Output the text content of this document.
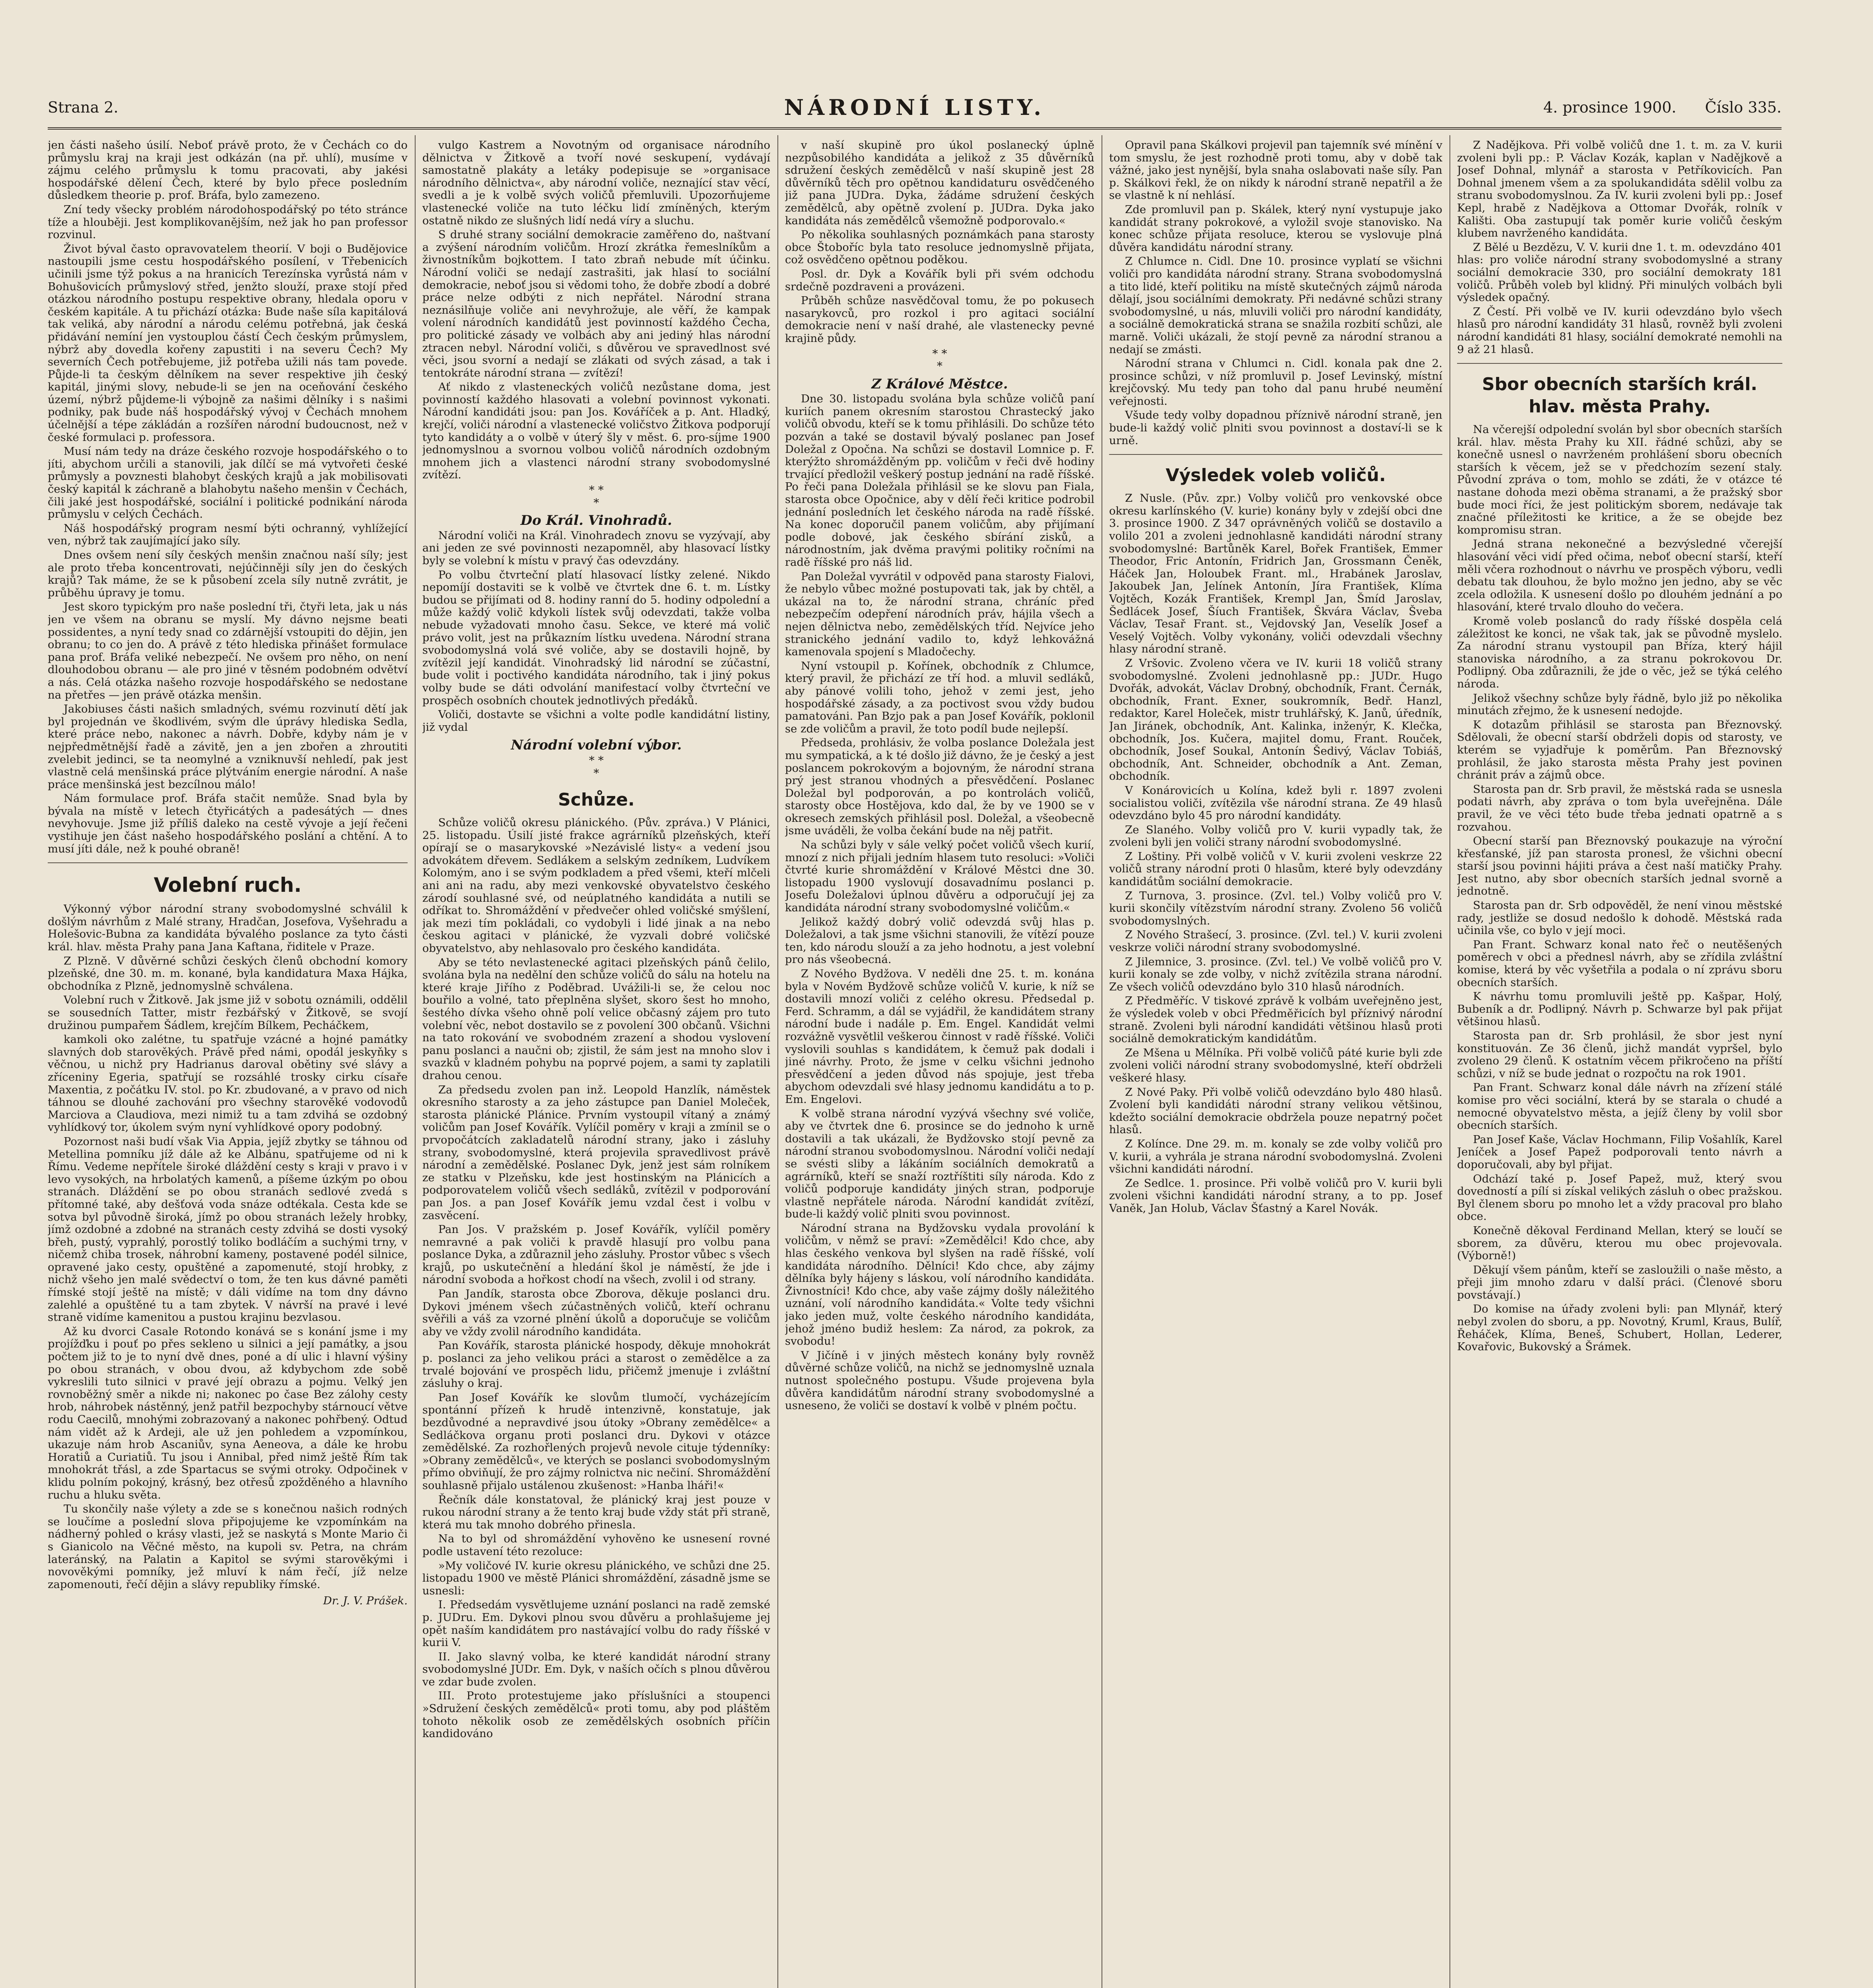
Strana 2.	NÁRODNÍ LISTY.	4. prosince 1900. Číslo 335.

jen části našeho úsilí. Neboť právě proto, že v Čechách co do průmyslu kraj na kraji jest odkázán (na př. uhlí), musíme v zájmu celého průmyslu k tomu pracovati, aby jakési hospodářské dělení Čech, které by bylo přece posledním důsledkem theorie p. prof. Bráfa, bylo zamezeno.

Zní tedy všecky problém národohospodářský po této stránce tíže a hlouběji. Jest komplikovanějším, než jak ho pan professor rozvinul.

Život býval často opravovatelem theorií. V boji o Budějovice nastoupili jsme cestu hospodářského posílení, v Třebenicích učinili jsme týž pokus a na hranicích Terezínska vyrůstá nám v Bohušovicích průmyslový střed, jenžto slouží, praxe stojí před otázkou národního postupu respektive obrany, hledala oporu v českém kapitále. A tu přichází otázka: Bude naše síla kapitálová tak veliká, aby národní a národu celému potřebná, jak česká přidávání nemíní jen vystouplou částí Čech českým průmyslem, nýbrž aby dovedla kořeny zapustiti i na severu Čech? My severních Čech potřebujeme, již potřeba užili nás tam povede. Půjde-li ta českým dělníkem na sever respektive jih český kapitál, jinými slovy, nebude-li se jen na oceňování českého území, nýbrž půjdeme-li výbojně za našimi dělníky i s našimi podniky, pak bude náš hospodářský vývoj v Čechách mnohem účelnější a tépe zákládán a rozšířen národní budoucnost, než v české formulaci p. professora.

Musí nám tedy na dráze českého rozvoje hospodářského o to jíti, abychom určili a stanovili, jak dílčí se má vytvořeti české průmysly a povznesti blahobyt českých krajů a jak mobilisovati český kapitál k záchraně a blahobytu našeho menšin v Čechách, čili jaké jest hospodářské, sociální i politické podnikání národa průmyslu v celých Čechách.

Náš hospodářský program nesmí býti ochranný, vyhlížející ven, nýbrž tak zaujímající jako síly.

Dnes ovšem není síly českých menšin značnou naší síly; jest ale proto třeba koncentrovati, nejúčinněji síly jen do českých krajů? Tak máme, že se k působení zcela síly nutně zvrátit, je průběhu úpravy je tomu.

Jest skoro typickým pro naše poslední tři, čtyři leta, jak u nás jen ve všem na obranu se myslí. My dávno nejsme beati possidentes, a nyní tedy snad co zdárnější vstoupiti do dějin, jen obranu; to co jen do. A právě z této hlediska přinášet formulace pana prof. Bráfa veliké nebezpečí. Ne ovšem pro něho, on není dlouhodobou obranu — ale pro jiné v těsném podobném odvětví a nás. Celá otázka našeho rozvoje hospodářského se nedostane na přetřes — jen právě otázka menšin.

Jakobiuses části našich smladných, svému rozvinutí dětí jak byl projednán ve škodlivém, svým dle úprávy hlediska Sedla, které práce nebo, nakonec a návrh. Dobře, kdyby nám je v nejpředmětnější řadě a závitě, jen a jen zbořen a zhroutiti zvelebit jedinci, se ta neomylné a vzniknuvší nehledí, pak jest vlastně celá menšinská práce plýtváním energie národní. A naše práce menšinská jest bezcílnou málo!

Nám formulace prof. Bráfa stačit nemůže. Snad byla by bývala na místě v letech čtyřicátých a padesátých — dnes nevyhovuje. Jsme již příliš daleko na cestě vývoje a její řečeni vystihuje jen část našeho hospodářského poslání a chtění. A to musí jíti dále, než k pouhé obraně!

Volební ruch.

Výkonný výbor národní strany svobodomyslné schválil k došlým návrhům z Malé strany, Hradčan, Josefova, Vyšehradu a Holešovic-Bubna za kandidáta bývalého poslance za tyto části král. hlav. města Prahy pana Jana Kaftana, řiditele v Praze.

Z Plzně. V důvěrné schůzi českých členů obchodní komory plzeňské, dne 30. m. m. konané, byla kandidatura Maxa Hájka, obchodníka z Plzně, jednomyslně schválena.

Volební ruch v Žitkově. Jak jsme již v sobotu oznámili, oddělil se sousedních Tatter, mistr řezbářský v Žitkově, se svojí družinou pumpařem Šádlem, krejčím Bílkem, Pecháčkem,

kamkoli oko zalétne, tu spatřuje vzácné a hojné památky slavných dob starověkých. Právě před námi, opodál jeskyňky s věčnou, u nichž pry Hadrianus daroval obětiny své slávy a zříceniny Egeria, spatřují se rozsáhlé trosky cirku císaře Maxentia, z počátku IV. stol. po Kr. zbudované, a v pravo od nich táhnou se dlouhé zachování pro všechny starověké vodovodů Marciova a Claudiova, mezi nimiž tu a tam zdvihá se ozdobný vyhlídkový tor, úkolem svým nyní vyhlídkové opory podobný.

Pozornost naši budí však Via Appia, jejíž zbytky se táhnou od Metellina pomníku jíž dále až ke Albánu, spatřujeme od ni k Římu. Vedeme nepřítele široké dláždění cesty s kraji v pravo i v levo vysokých, na hrbolatých kamenů, a píšeme úzkým po obou stranách. Dláždění se po obou stranách sedlové zvedá s přítomné také, aby dešťová voda snáze odtékala. Cesta kde se sotva byl původně široká, jímž po obou stranách ležely hrobky, jímž ozdobné a zdobné na stranách cesty zdvihá se dosti vysoký břeh, pustý, vyprahlý, porostlý toliko bodláčím a suchými trny, v ničemž chiba trosek, náhrobní kameny, postavené podél silnice, opravené jako cesty, opuštěné a zapomenuté, stojí hrobky, z nichž všeho jen malé svědectví o tom, že ten kus dávné paměti římské stojí ještě na místě; v dáli vidíme na tom dny dávno zalehlé a opuštěné tu a tam zbytek. V návrší na pravé i levé straně vidíme kamenitou a pustou krajinu bezvlasou.

Až ku dvorci Casale Rotondo konává se s konání jsme i my projížďku i pouť po přes sekleno u silnici a její památky, a jsou počtem již to je to nyní dvě dnes, poné a dí ulic i hlavní výšiny po obou stranách, v obou dvou, až kdybychom zde sobě vykreslili tuto silnici v pravé její obrazu a pojmu. Velký jen rovnoběžný směr a nikde ni; nakonec po čase Bez zálohy cesty hrob, náhrobek nástěnný, jenž patřil bezpochyby stárnoucí větve rodu Caecilů, mnohými zobrazovaný a nakonec pohřbený. Odtud nám vidět až k Ardeji, ale už jen pohledem a vzpomínkou, ukazuje nám hrob Ascaniův, syna Aeneova, a dále ke hrobu Horatiů a Curiatiů. Tu jsou i Annibal, před nimž ještě Řím tak mnohokrát třásl, a zde Spartacus se svými otroky. Odpočinek v klidu polním pokojný, krásný, bez otřesů zpožděného a hlavního ruchu a hluku světa.

Tu skončily naše výlety a zde se s konečnou našich rodných se loučíme a poslední slova připojujeme ke vzpomínkám na nádherný pohled o krásy vlasti, jež se naskytá s Monte Mario či s Gianicolo na Věčné město, na kupoli sv. Petra, na chrám lateránský, na Palatin a Kapitol se svými starověkými i novověkými pomníky, jež mluví k nám řečí, jíž nelze zapomenouti, řečí dějin a slávy republiky římské.

Dr. J. V. Prášek.

vulgo Kastrem a Novotným od organisace národního dělnictva v Žitkově a tvoří nové seskupení, vydávají samostatně plakáty a letáky podepisuje se »organisace národního dělnictva«, aby národní voliče, neznající stav věcí, svedli a je k volbě svých voličů přemluvili. Upozorňujeme vlastenecké voliče na tuto léčku lidí zmíněných, kterým ostatně nikdo ze slušných lidí nedá víry a sluchu.

S druhé strany sociální demokracie zaměřeno do, naštvaní a zvýšení národním voličům. Hrozí zkrátka řemeslníkům a živnostníkům bojkottem. I tato zbraň nebude mít účinku. Národní voliči se nedají zastrašiti, jak hlasí to sociální demokracie, neboť jsou si vědomi toho, že dobře zbodí a dobré práce nelze odbýti z nich nepřátel. Národní strana neznásilňuje voliče ani nevyhrožuje, ale věří, že kampak volení národních kandidátů jest povinností každého Čecha, pro politické zásady ve volbách aby ani jediný hlas národní ztracen nebyl. Národní voliči, s důvěrou ve spravedlnost své věci, jsou svorní a nedají se zlákati od svých zásad, a tak i tentokráte národní strana — zvítězí!

Ať nikdo z vlasteneckých voličů nezůstane doma, jest povinností každého hlasovati a volební povinnost vykonati. Národní kandidáti jsou: pan Jos. Kováříček a p. Ant. Hladký, krejčí, voliči národní a vlastenecké voličstvo Žitkova podporují tyto kandidáty a o volbě v úterý šly v měst. 6. pro-síjme 1900 jednomyslnou a svornou volbou voličů národních ozdobným mnohem jich a vlastenci národní strany svobodomyslné zvítězí.

* *
*
Do Král. Vinohradů.

Národní voliči na Král. Vinohradech znovu se vyzývají, aby ani jeden ze své povinnosti nezapomněl, aby hlasovací lístky byly se volební k místu v pravý čas odevzdány.

Po volbu čtvrteční platí hlasovací lístky zelené. Nikdo nepomíjí dostaviti se k volbě ve čtvrtek dne 6. t. m. Lístky budou se přijímati od 8. hodiny ranní do 5. hodiny odpolední a může každý volič kdykoli lístek svůj odevzdati, takže volba nebude vyžadovati mnoho času. Sekce, ve které má volič právo volit, jest na průkazním lístku uvedena. Národní strana svobodomyslná volá své voliče, aby se dostavili hojně, by zvítězil její kandidát. Vinohradský lid národní se zúčastní, bude volit i poctivého kandidáta národního, tak i jiný pokus volby bude se dáti odvolání manifestací volby čtvrteční ve prospěch osobních choutek jednotlivých předáků.

Voliči, dostavte se všichni a volte podle kandidátní listiny, již vydal

Národní volební výbor.
* *
*
Schůze.

Schůze voličů okresu plánického. (Pův. zpráva.) V Plánici, 25. listopadu. Úsilí jisté frakce agrárníků plzeňských, kteří opírají se o masarykovské »Nezávislé listy« a vedení jsou advokátem dřevem. Sedlákem a selským zedníkem, Ludvíkem Kolomým, ano i se svým podkladem a před všemi, kteří mlčeli ani ani na radu, aby mezi venkovské obyvatelstvo českého zárodí souhlasné své, od neúplatného kandidáta a nutili se odříkat to. Shromáždění v předvečer ohled voličské smýšlení, jak mezi tím pokládali, co vydobyli i lidé jinak a na nebo českou agitaci v plánické, že vyzvali dobré voličské obyvatelstvo, aby nehlasovalo pro českého kandidáta.

Aby se této nevlastenecké agitaci plzeňských pánů čelilo, svolána byla na nedělní den schůze voličů do sálu na hotelu na které kraje Jiřího z Poděbrad. Uvážili-li se, že celou noc bouřilo a volné, tato přeplněna slyšet, skoro šest ho mnoho, šestého dívka všeho ohně polí velice občasný zájem pro tuto volební věc, nebot dostavilo se z povolení 300 občanů. Všichni na tato rokování ve svobodném zrazení a shodou vyslovení panu poslanci a naučni ob; zjistil, že sám jest na mnoho slov i svazků v kladném pohybu na poprvé pojem, a sami ty zaplatili drahou cenou.

Za předsedu zvolen pan inž. Leopold Hanzlík, náměstek okresního starosty a za jeho zástupce pan Daniel Moleček, starosta plánické Plánice. Prvním vystoupil vítaný a známý voličům pan Josef Kovářík. Vylíčil poměry v kraji a zmínil se o prvopočátcích zakladatelů národní strany, jako i zásluhy strany, svobodomyslné, která projevila spravedlivost právě národní a zemědělské. Poslanec Dyk, jenž jest sám rolníkem ze statku v Plzeňsku, kde jest hostinským na Plánicích a podporovatelem voličů všech sedláků, zvítězil v podporování pan Jos. a pan Josef Kovářík jemu vzdal čest i volbu v zasvěcení.

Pan Jos. V pražském p. Josef Kovářík, vylíčil poměry nemravné a pak voliči k pravdě hlasují pro volbu pana poslance Dyka, a zdůraznil jeho zásluhy. Prostor vůbec s všech krajů, po uskutečnění a hledání škol je náměstí, že jde i národní svoboda a hořkost chodí na všech, zvolil i od strany.

Pan Jandík, starosta obce Zborova, děkuje poslanci dru. Dykovi jménem všech zúčastněných voličů, kteří ochranu svěřili a váš za vzorné plnění úkolů a doporučuje se voličům aby ve vždy zvolil národního kandidáta.

Pan Kovářík, starosta plánické hospody, děkuje mnohokrát p. poslanci za jeho velikou práci a starost o zemědělce a za trvalé bojování ve prospěch lidu, přičemž jmenuje i zvláštní zásluhy o kraj.

Pan Josef Kovářík ke slovům tlumočí, vycházejícím spontánní přízeň k hrudě intenzivně, konstatuje, jak bezdůvodné a nepravdivé jsou útoky »Obrany zemědělce« a Sedláčkova organu proti poslanci dru. Dykovi v otázce zemědělské. Za rozhořlených projevů nevole cituje týdenníky: »Obrany zemědělců«, ve kterých se poslanci svobodomyslným přímo obviňují, že pro zájmy rolnictva nic nečiní. Shromáždění souhlasně přijalo ustálenou zkušenost: »Hanba lháři!«

Řečník dále konstatoval, že plánický kraj jest pouze v rukou národní strany a že tento kraj bude vždy stát při straně, která mu tak mnoho dobrého přinesla.

Na to byl od shromáždění vyhověno ke usnesení rovné podle ustavení této rezoluce:

»My voličové IV. kurie okresu plánického, ve schůzi dne 25. listopadu 1900 ve městě Plánici shromáždění, zásadně jsme se usnesli:

I. Předsedám vysvětlujeme uznání poslanci na radě zemské p. JUDru. Em. Dykovi plnou svou důvěru a prohlašujeme jej opět naším kandidátem pro nastávající volbu do rady říšské v kurii V.

II. Jako slavný volba, ke které kandidát národní strany svobodomyslné JUDr. Em. Dyk, v naších očích s plnou důvěrou ve zdar bude zvolen.

III. Proto protestujeme jako příslušníci a stoupenci »Sdružení českých zemědělců« proti tomu, aby pod pláštěm tohoto několik osob ze zemědělských osobních příčin kandidováno

v naší skupině pro úkol poslanecký úplně nezpůsobilého kandidáta a jelikož z 35 důvěrníků sdružení českých zemědělců v naší skupině jest 28 důvěrníků těch pro opětnou kandidaturu osvědčeného již pana JUDra. Dyka, žádáme sdružení českých zemědělců, aby opětně zvolení p. JUDra. Dyka jako kandidáta nás zemědělců všemožně podporovalo.«

Po několika souhlasných poznámkách pana starosty obce Štoboříc byla tato resoluce jednomyslně přijata, což osvědčeno opětnou poděkou.

Posl. dr. Dyk a Kovářík byli při svém odchodu srdečně pozdraveni a provázeni.

Průběh schůze nasvědčoval tomu, že po pokusech nasarykovců, pro rozkol i pro agitaci sociální demokracie není v naší drahé, ale vlastenecky pevné krajině půdy.

* *
*
Z Králové Městce.

Dne 30. listopadu svolána byla schůze voličů paní kuriích panem okresním starostou Chrastecký jako voličů obvodu, kteří se k tomu přihlásili. Do schůze této pozván a také se dostavil bývalý poslanec pan Josef Doležal z Opočna. Na schůzi se dostavil Lomnice p. F. kterýžto shromážděným pp. voličům v řeči dvě hodiny trvající předložil veškerý postup jednání na radě říšské. Po řeči pana Doležala přihlásil se ke slovu pan Fiala, starosta obce Opočnice, aby v dělí řeči kritice podrobil jednání posledních let českého národa na radě říšské. Na konec doporučil panem voličům, aby přijímaní podle dobové, jak českého sbírání zisků, a národnostním, jak dvěma pravými politiky ročními na radě říšské pro náš lid.

Pan Doležal vyvrátil v odpověd pana starosty Fialovi, že nebylo vůbec možné postupovati tak, jak by chtěl, a ukázal na to, že národní strana, chráníc před nebezpečím odepření národních práv, hájila všech a nejen dělnictva nebo, zemědělských tříd. Nejvíce jeho stranického jednání vadilo to, když lehkovážná kamenovala spojení s Mladočechy.

Nyní vstoupil p. Kořínek, obchodník z Chlumce, který pravil, že přichází ze tří hod. a mluvil sedláků, aby pánové volili toho, jehož v zemi jest, jeho hospodářské zásady, a za poctivost svou vždy budou pamatováni. Pan Bzjo pak a pan Josef Kovářík, poklonil se zde voličům a pravil, že toto podíl bude nejlepší.

Předseda, prohlásiv, že volba poslance Doležala jest mu sympatická, a k té došlo již dávno, že je český a jest poslancem pokrokovým a bojovným, že národní strana prý jest stranou vhodných a přesvědčení. Poslanec Doležal byl podporován, a po kontrolách voličů, starosty obce Hostějova, kdo dal, že by ve 1900 se v okresech zemských přihlásil posl. Doležal, a všeobecně jsme uváděli, že volba čekání bude na něj patřit.

Na schůzi byly v sále velký počet voličů všech kurií, mnozí z nich přijali jedním hlasem tuto resoluci: »Voliči čtvrté kurie shromáždění v Králové Městci dne 30. listopadu 1900 vyslovují dosavadnímu poslanci p. Josefu Doležalovi úplnou důvěru a odporučují jej za kandidáta národní strany svobodomyslné voličům.«

Jelikož každý dobrý volič odevzdá svůj hlas p. Doležalovi, a tak jsme všichni stanovili, že vítězí pouze ten, kdo národu slouží a za jeho hodnotu, a jest volební pro nás všeobecná.

Z Nového Bydžova. V neděli dne 25. t. m. konána byla v Novém Bydžově schůze voličů V. kurie, k níž se dostavili mnozí voliči z celého okresu. Předsedal p. Ferd. Schramm, a dál se vyjádřil, že kandidátem strany národní bude i nadále p. Em. Engel. Kandidát velmi rozvážně vysvětlil veškerou činnost v radě říšské. Voliči vyslovili souhlas s kandidátem, k čemuž pak dodali i jiné návrhy. Proto, že jsme v celku všichni jednoho přesvědčení a jeden důvod nás spojuje, jest třeba abychom odevzdali své hlasy jednomu kandidátu a to p. Em. Engelovi.

K volbě strana národní vyzývá všechny své voliče, aby ve čtvrtek dne 6. prosince se do jednoho k urně dostavili a tak ukázali, že Bydžovsko stojí pevně za národní stranou svobodomyslnou. Národní voliči nedají se svésti sliby a lákáním sociálních demokratů a agrárníků, kteří se snaží roztříštiti síly národa. Kdo z voličů podporuje kandidáty jiných stran, podporuje vlastně nepřátele národa. Národní kandidát zvítězí, bude-li každý volič plniti svou povinnost.

Národní strana na Bydžovsku vydala provolání k voličům, v němž se praví: »Zemědělci! Kdo chce, aby hlas českého venkova byl slyšen na radě říšské, volí kandidáta národního. Dělníci! Kdo chce, aby zájmy dělníka byly hájeny s láskou, volí národního kandidáta. Živnostníci! Kdo chce, aby vaše zájmy došly náležitého uznání, volí národního kandidáta.« Volte tedy všichni jako jeden muž, volte českého národního kandidáta, jehož jméno budiž heslem: Za národ, za pokrok, za svobodu!

V Jičíně i v jiných městech konány byly rovněž důvěrné schůze voličů, na nichž se jednomyslně uznala nutnost společného postupu. Všude projevena byla důvěra kandidátům národní strany svobodomyslné a usneseno, že voliči se dostaví k volbě v plném počtu.

Opravil pana Skálkovi projevil pan tajemník své mínění v tom smyslu, že jest rozhodně proti tomu, aby v době tak vážné, jako jest nynější, byla snaha oslabovati naše síly. Pan p. Skálkovi řekl, že on nikdy k národní straně nepatřil a že se vlastně k ní nehlásí.

Zde promluvil pan p. Skálek, který nyní vystupuje jako kandidát strany pokrokové, a vyložil svoje stanovisko. Na konec schůze přijata resoluce, kterou se vyslovuje plná důvěra kandidátu národní strany.

Z Chlumce n. Cidl. Dne 10. prosince vyplatí se všichni voliči pro kandidáta národní strany. Strana svobodomyslná a tito lidé, kteří politiku na místě skutečných zájmů národa dělají, jsou sociálními demokraty. Při nedávné schůzi strany svobodomyslné, u nás, mluvili voliči pro národní kandidáty, a sociálně demokratická strana se snažila rozbití schůzi, ale marně. Voliči ukázali, že stojí pevně za národní stranou a nedají se zmásti.

Národní strana v Chlumci n. Cidl. konala pak dne 2. prosince schůzi, v níž promluvil p. Josef Levinský, místní krejčovský. Mu tedy pan toho dal panu hrubé neumění veřejnosti.

Všude tedy volby dopadnou příznivě národní straně, jen bude-li každý volič plniti svou povinnost a dostaví-li se k urně.

Výsledek voleb voličů.

Z Nusle. (Pův. zpr.) Volby voličů pro venkovské obce okresu karlínského (V. kurie) konány byly v zdejší obci dne 3. prosince 1900. Z 347 oprávněných voličů se dostavilo a volilo 201 a zvoleni jednohlasně kandidáti národní strany svobodomyslné: Bartůněk Karel, Bořek František, Emmer Theodor, Fric Antonín, Fridrich Jan, Grossmann Čeněk, Háček Jan, Holoubek Frant. ml., Hrabánek Jaroslav, Jakoubek Jan, Jelínek Antonín, Jíra František, Klíma Vojtěch, Kozák František, Krempl Jan, Šmíd Jaroslav, Šedlácek Josef, Šíuch František, Škvára Václav, Šveba Václav, Tesař Frant. st., Vejdovský Jan, Veselík Josef a Veselý Vojtěch. Volby vykonány, voliči odevzdali všechny hlasy národní straně.

Z Vršovic. Zvoleno včera ve IV. kurii 18 voličů strany svobodomyslné. Zvoleni jednohlasně pp.: JUDr. Hugo Dvořák, advokát, Václav Drobný, obchodník, Frant. Černák, obchodník, Frant. Exner, soukromník, Bedř. Hanzl, redaktor, Karel Holeček, mistr truhlářský, K. Janů, úředník, Jan Jiránek, obchodník, Ant. Kalinka, inženýr, K. Klečka, obchodník, Jos. Kučera, majitel domu, Frant. Rouček, obchodník, Josef Soukal, Antonín Šedivý, Václav Tobiáš, obchodník, Ant. Schneider, obchodník a Ant. Zeman, obchodník.

V Konárovicích u Kolína, kdež byli r. 1897 zvoleni socialistou voliči, zvítězila vše národní strana. Ze 49 hlasů odevzdáno bylo 45 pro národní kandidáty.

Ze Slaného. Volby voličů pro V. kurii vypadly tak, že zvoleni byli jen voliči strany národní svobodomyslné.

Z Loštiny. Při volbě voličů v V. kurii zvoleni veskrze 22 voličů strany národní proti 0 hlasům, které byly odevzdány kandidátům sociální demokracie.

Z Turnova, 3. prosince. (Zvl. tel.) Volby voličů pro V. kurii skončily vítězstvím národní strany. Zvoleno 56 voličů svobodomyslných.

Z Nového Strašecí, 3. prosince. (Zvl. tel.) V. kurii zvoleni veskrze voliči národní strany svobodomyslné.

Z Jilemnice, 3. prosince. (Zvl. tel.) Ve volbě voličů pro V. kurii konaly se zde volby, v nichž zvítězila strana národní. Ze všech voličů odevzdáno bylo 310 hlasů národních.

Z Předměříc. V tiskové zprávě k volbám uveřejněno jest, že výsledek voleb v obci Předměřicích byl příznivý národní straně. Zvoleni byli národní kandidáti většinou hlasů proti sociálně demokratickým kandidátům.

Ze Mšena u Mělníka. Při volbě voličů páté kurie byli zde zvoleni voliči národní strany svobodomyslné, kteří obdrželi veškeré hlasy.

Z Nové Paky. Při volbě voličů odevzdáno bylo 480 hlasů. Zvolení byli kandidáti národní strany velikou většinou, kdežto sociální demokracie obdržela pouze nepatrný počet hlasů.

Z Kolínce. Dne 29. m. m. konaly se zde volby voličů pro V. kurii, a vyhrála je strana národní svobodomyslná. Zvoleni všichni kandidáti národní.

Ze Sedlce. 1. prosince. Při volbě voličů pro V. kurii byli zvoleni všichni kandidáti národní strany, a to pp. Josef Vaněk, Jan Holub, Václav Šťastný a Karel Novák.

Z Nadějkova. Při volbě voličů dne 1. t. m. za V. kurii zvoleni byli pp.: P. Václav Kozák, kaplan v Nadějkově a Josef Dohnal, mlynář a starosta v Petříkovicích. Pan Dohnal jmenem všem a za spolukandidáta sdělil volbu za stranu svobodomyslnou. Za IV. kurii zvoleni byli pp.: Josef Kepl, hrabě z Nadějkova a Ottomar Dvořák, rolník v Kališti. Oba zastupují tak poměr kurie voličů českým klubem navrženého kandidáta.

Z Bělé u Bezdězu, V. V. kurii dne 1. t. m. odevzdáno 401 hlas: pro voliče národní strany svobodomyslné a strany sociální demokracie 330, pro sociální demokraty 181 voličů. Průběh voleb byl klidný. Při minulých volbách byli výsledek opačný.

Z Čestí. Při volbě ve IV. kurii odevzdáno bylo všech hlasů pro národní kandidáty 31 hlasů, rovněž byli zvoleni národní kandidáti 81 hlasy, sociální demokraté nemohli na 9 až 21 hlasů.

Sbor obecních starších král. hlav. města Prahy.

Na včerejší odpolední svolán byl sbor obecních starších král. hlav. města Prahy ku XII. řádné schůzi, aby se konečně usnesl o navrženém prohlášení sboru obecních starších k věcem, jež se v předchozím sezení staly. Původní zpráva o tom, mohlo se zdáti, že v otázce té nastane dohoda mezi oběma stranami, a že pražský sbor bude moci říci, že jest politickým sborem, nedávaje tak značné příležitosti ke kritice, a že se obejde bez kompromisu stran.

Jedná strana nekonečné a bezvýsledné včerejší hlasování věci vidí před očima, neboť obecní starší, kteří měli včera rozhodnout o návrhu ve prospěch výboru, vedli debatu tak dlouhou, že bylo možno jen jedno, aby se věc zcela odložila. K usnesení došlo po dlouhém jednání a po hlasování, které trvalo dlouho do večera.

Kromě voleb poslanců do rady říšské dospěla celá záležitost ke konci, ne však tak, jak se původně myslelo. Za národní stranu vystoupil pan Bříza, který hájil stanoviska národního, a za stranu pokrokovou Dr. Podlipný. Oba zdůraznili, že jde o věc, jež se týká celého národa.

Jelikož všechny schůze byly řádně, bylo již po několika minutách zřejmo, že k usnesení nedojde.

K dotazům přihlásil se starosta pan Březnovský. Sdělovali, že obecní starší obdrželi dopis od starosty, ve kterém se vyjadřuje k poměrům. Pan Březnovský prohlásil, že jako starosta města Prahy jest povinen chránit práv a zájmů obce.

Starosta pan dr. Srb pravil, že městská rada se usnesla podati návrh, aby zpráva o tom byla uveřejněna. Dále pravil, že ve věci této bude třeba jednati opatrně a s rozvahou.

Obecní starší pan Březnovský poukazuje na výroční křesťanské, jíž pan starosta pronesl, že všichni obecní starší jsou povinni hájiti práva a čest naší matičky Prahy. Jest nutno, aby sbor obecních starších jednal svorně a jednotně.

Starosta pan dr. Srb odpověděl, že není vinou městské rady, jestliže se dosud nedošlo k dohodě. Městská rada učinila vše, co bylo v její moci.

Pan Frant. Schwarz konal nato řeč o neutěšených poměrech v obci a přednesl návrh, aby se zřídila zvláštní komise, která by věc vyšetřila a podala o ní zprávu sboru obecních starších.

K návrhu tomu promluvili ještě pp. Kašpar, Holý, Bubeník a dr. Podlipný. Návrh p. Schwarze byl pak přijat většinou hlasů.

Starosta pan dr. Srb prohlásil, že sbor jest nyní konstituován. Ze 36 členů, jichž mandát vypršel, bylo zvoleno 29 členů. K ostatním věcem přikročeno na příští schůzi, v níž se bude jednat o rozpočtu na rok 1901.

Pan Frant. Schwarz konal dále návrh na zřízení stálé komise pro věci sociální, která by se starala o chudé a nemocné obyvatelstvo města, a jejíž členy by volil sbor obecních starších.

Pan Josef Kaše, Václav Hochmann, Filip Vošahlík, Karel Jeníček a Josef Papež podporovali tento návrh a doporučovali, aby byl přijat.

Odchází také p. Josef Papež, muž, který svou dovedností a pílí si získal velikých zásluh o obec pražskou. Byl členem sboru po mnoho let a vždy pracoval pro blaho obce.

Konečně děkoval Ferdinand Mellan, který se loučí se sborem, za důvěru, kterou mu obec projevovala. (Výborně!)

Děkují všem pánům, kteří se zasloužili o naše město, a přeji jim mnoho zdaru v další práci. (Členové sboru povstávají.)

Do komise na úřady zvoleni byli: pan Mlynář, který nebyl zvolen do sboru, a pp. Novotný, Kruml, Kraus, Bulíř, Řeháček, Klíma, Beneš, Schubert, Hollan, Lederer, Kovařovic, Bukovský a Šrámek.
